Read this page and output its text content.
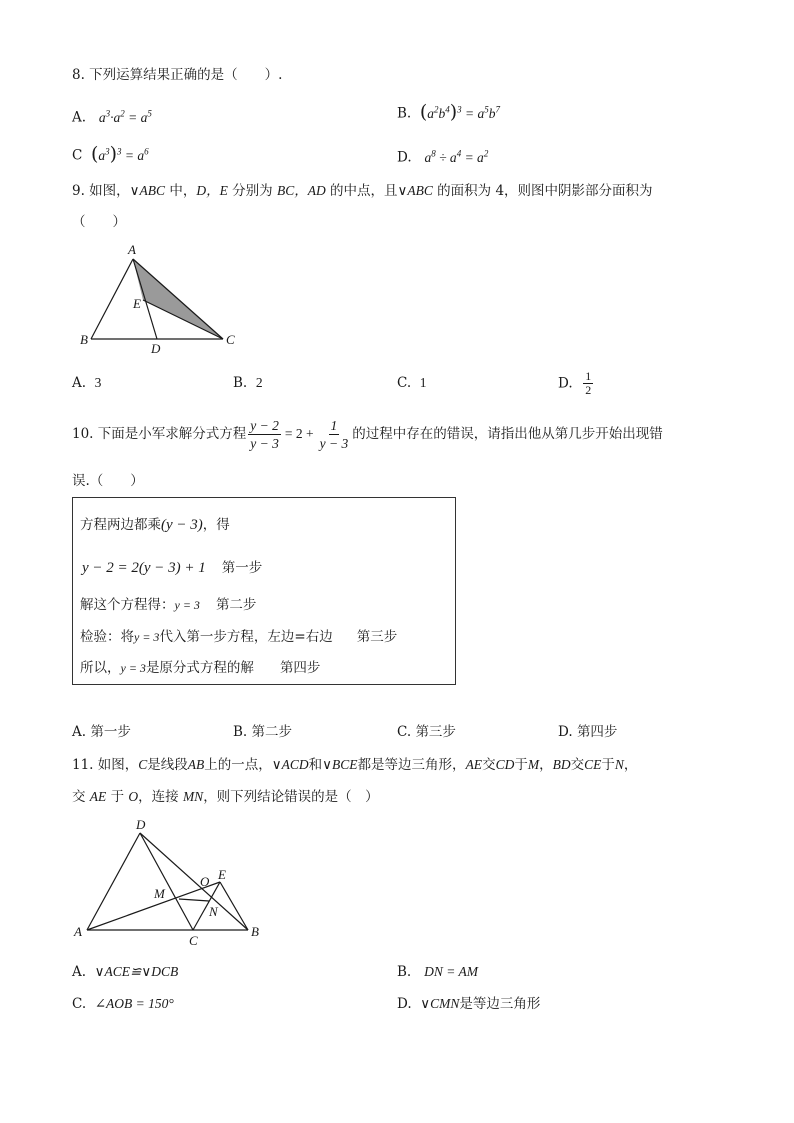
8. 下列运算结果正确的是（　　）.
A. $a^3\cdot a^2 = a^5$	B. $(a^2b^4)^3 = a^5b^7$
C $(a^3)^3 = a^6$	D. $a^8 \div a^4 = a^2$
9. 如图，∨ABC 中，D，E 分别为 BC，AD 的中点，且∨ABC 的面积为 4，则图中阴影部分面积为
（　　）
A
B	C
D
E
A. 3	B. 2	C. 1	D. $\frac{1}{2}$
10. 下面是小军求解分式方程 $\frac{y - 2}{y - 3} = 2 + \frac{1}{y - 3}$ 的过程中存在的错误，请指出他从第几步开始出现错
误.（　　）
方程两边都乘(y − 3)，得
y − 2 = 2(y − 3) + 1 第一步
解这个方程得：y = 3 第二步
检验：将y = 3代入第一步方程，左边=右边 第三步
所以，y = 3是原分式方程的解 第四步
A. 第一步	B. 第二步	C. 第三步	D. 第四步
11. 如图，C是线段AB上的一点，∨ACD和∨BCE都是等边三角形，AE交CD于M，BD交CE于N，
交 AE 于 O，连接 MN，则下列结论错误的是（　）
A	B
C
D
E
M
N
O
A. ∨ACE≌∨DCB	B. DN = AM
C. ∠AOB = 150°	D. ∨CMN是等边三角形
